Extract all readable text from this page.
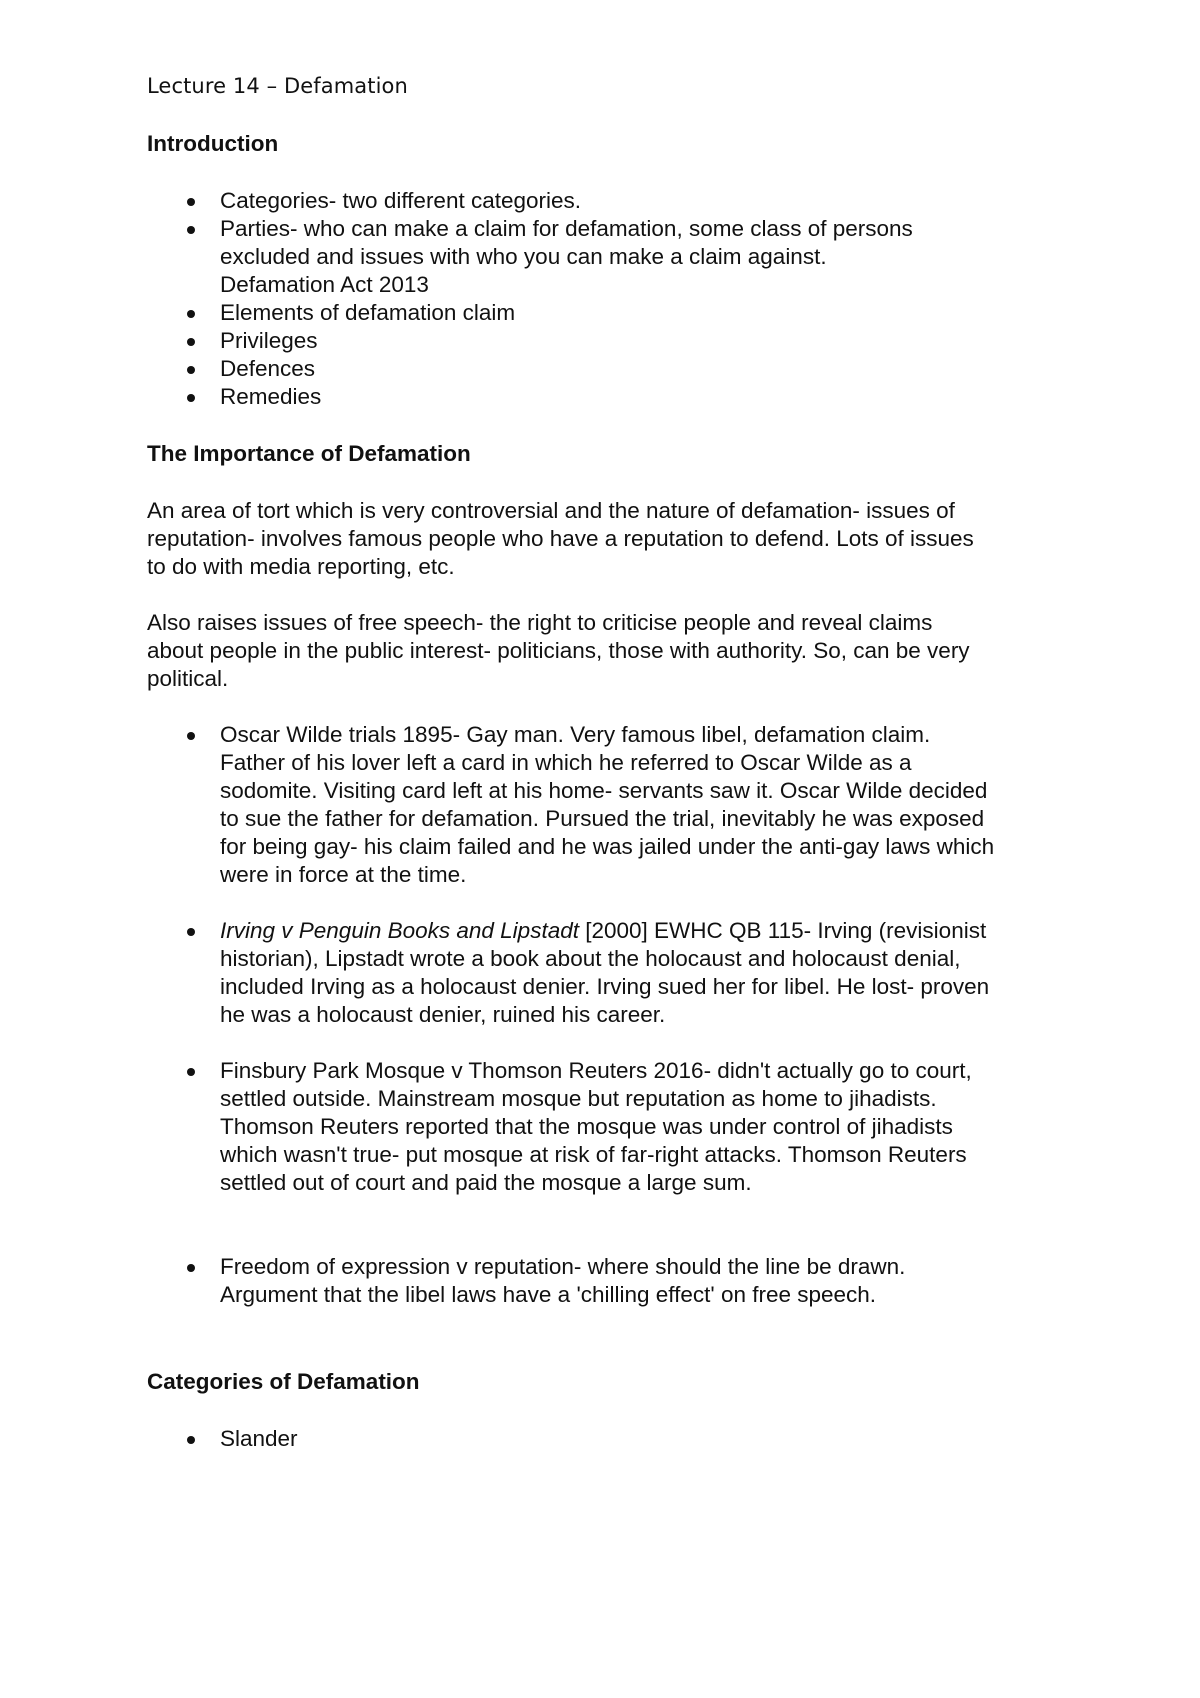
Lecture 14 – Defamation
Introduction
Categories- two different categories.
Parties- who can make a claim for defamation, some class of persons
excluded and issues with who you can make a claim against.
Defamation Act 2013
Elements of defamation claim
Privileges
Defences
Remedies
The Importance of Defamation
An area of tort which is very controversial and the nature of defamation- issues of
reputation- involves famous people who have a reputation to defend. Lots of issues
to do with media reporting, etc.
Also raises issues of free speech- the right to criticise people and reveal claims
about people in the public interest- politicians, those with authority. So, can be very
political.
Oscar Wilde trials 1895- Gay man. Very famous libel, defamation claim.
Father of his lover left a card in which he referred to Oscar Wilde as a
sodomite. Visiting card left at his home- servants saw it. Oscar Wilde decided
to sue the father for defamation. Pursued the trial, inevitably he was exposed
for being gay- his claim failed and he was jailed under the anti-gay laws which
were in force at the time.
Irving v Penguin Books and Lipstadt [2000] EWHC QB 115- Irving (revisionist
historian), Lipstadt wrote a book about the holocaust and holocaust denial,
included Irving as a holocaust denier. Irving sued her for libel. He lost- proven
he was a holocaust denier, ruined his career.
Finsbury Park Mosque v Thomson Reuters 2016- didn't actually go to court,
settled outside. Mainstream mosque but reputation as home to jihadists.
Thomson Reuters reported that the mosque was under control of jihadists
which wasn't true- put mosque at risk of far-right attacks. Thomson Reuters
settled out of court and paid the mosque a large sum.
Freedom of expression v reputation- where should the line be drawn.
Argument that the libel laws have a 'chilling effect' on free speech.
Categories of Defamation
Slander
